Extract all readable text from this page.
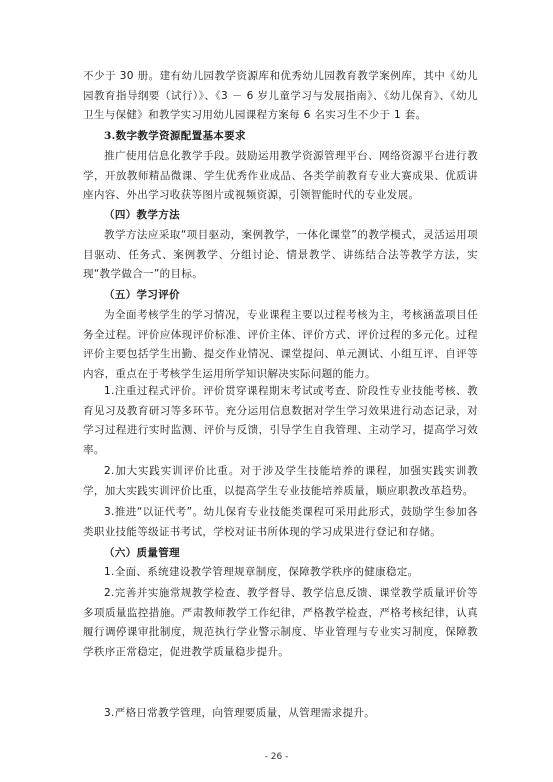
不少于 30 册。建有幼儿园教学资源库和优秀幼儿园教育教学案例库，其中《幼儿园教育指导纲要（试行）》、《3 － 6 岁儿童学习与发展指南》、《幼儿保育》、《幼儿卫生与保健》和教学实习用幼儿园课程方案每 6 名实习生不少于 1 套。

3.数字教学资源配置基本要求

推广使用信息化教学手段。鼓励运用教学资源管理平台、网络资源平台进行教学，开放教师精品微课、学生优秀作业成品、各类学前教育专业大赛成果、优质讲座内容、外出学习收获等图片或视频资源，引领智能时代的专业发展。

（四）教学方法

教学方法应采取“项目驱动，案例教学，一体化课堂”的教学模式，灵活运用项目驱动、任务式、案例教学、分组讨论、情景教学、讲练结合法等教学方法，实现“教学做合一”的目标。

（五）学习评价

为全面考核学生的学习情况，专业课程主要以过程考核为主，考核涵盖项目任务全过程。评价应体现评价标准、评价主体、评价方式、评价过程的多元化。过程评价主要包括学生出勤、提交作业情况、课堂提问、单元测试、小组互评、自评等内容，重点在于考核学生运用所学知识解决实际问题的能力。

1.注重过程式评价。评价贯穿课程期末考试或考查、阶段性专业技能考核、教育见习及教育研习等多环节。充分运用信息数据对学生学习效果进行动态记录，对学习过程进行实时监测、评价与反馈，引导学生自我管理、主动学习，提高学习效率。

2.加大实践实训评价比重。对于涉及学生技能培养的课程，加强实践实训教学，加大实践实训评价比重，以提高学生专业技能培养质量，顺应职教改革趋势。

3.推进“以证代考”。幼儿保育专业技能类课程可采用此形式，鼓励学生参加各类职业技能等级证书考试，学校对证书所体现的学习成果进行登记和存储。

（六）质量管理

1.全面、系统建设教学管理规章制度，保障教学秩序的健康稳定。

2.完善并实施常规教学检查、教学督导、教学信息反馈、课堂教学质量评价等多项质量监控措施。严肃教师教学工作纪律，严格教学检查，严格考核纪律，认真履行调停课审批制度，规范执行学业警示制度、毕业管理与专业实习制度，保障教学秩序正常稳定，促进教学质量稳步提升。

3.严格日常教学管理，向管理要质量，从管理需求提升。

- 26 -
